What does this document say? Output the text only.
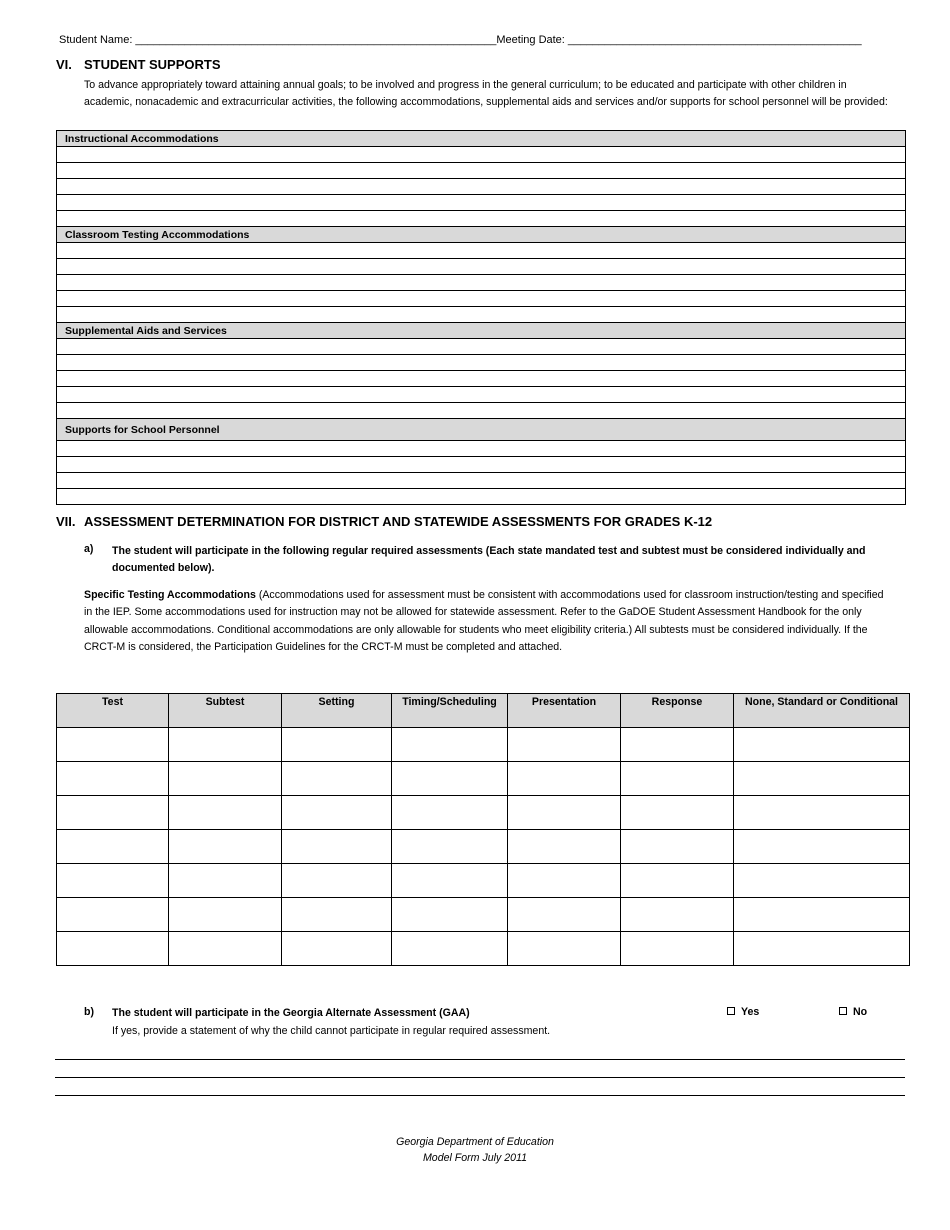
Student Name: ___________________________________________________________Meeting Date: ________________________________________________
VI. STUDENT SUPPORTS
To advance appropriately toward attaining annual goals; to be involved and progress in the general curriculum; to be educated and participate with other children in academic, nonacademic and extracurricular activities, the following accommodations, supplemental aids and services and/or supports for school personnel will be provided:
Instructional Accommodations

Classroom Testing Accommodations

Supplemental Aids and Services

Supports for School Personnel

VII. ASSESSMENT DETERMINATION FOR DISTRICT AND STATEWIDE ASSESSMENTS FOR GRADES K-12
a) The student will participate in the following regular required assessments (Each state mandated test and subtest must be considered individually and documented below).
Specific Testing Accommodations (Accommodations used for assessment must be consistent with accommodations used for classroom instruction/testing and specified in the IEP. Some accommodations used for instruction may not be allowed for statewide assessment. Refer to the GaDOE Student Assessment Handbook for the only allowable accommodations. Conditional accommodations are only allowable for students who meet eligibility criteria.) All subtests must be considered individually. If the CRCT-M is considered, the Participation Guidelines for the CRCT-M must be completed and attached.
Test	Subtest	Setting	Timing/Scheduling	Presentation	Response	None, Standard or Conditional

b) The student will participate in the Georgia Alternate Assessment (GAA)	Yes	No
If yes, provide a statement of why the child cannot participate in regular required assessment.
Georgia Department of Education
Model Form July 2011
